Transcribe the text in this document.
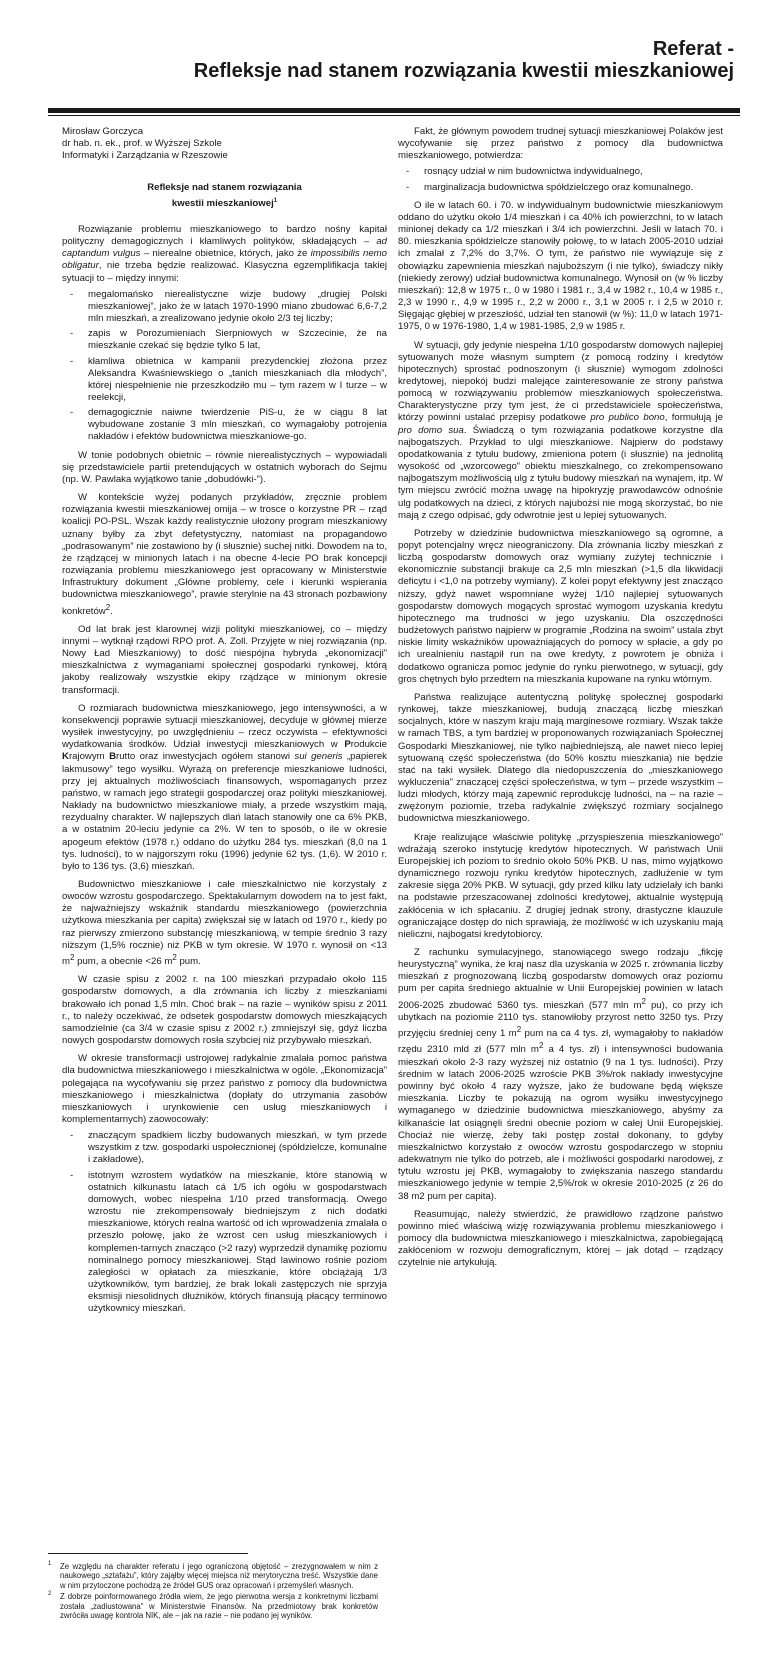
Referat -
Refleksje nad stanem rozwiązania kwestii mieszkaniowej
Mirosław Gorczyca
dr hab. n. ek., prof. w Wyższej Szkole
Informatyki i Zarządzania w Rzeszowie
Refleksje nad stanem rozwiązania
kwestii mieszkaniowej$^1$

Rozwiązanie problemu mieszkaniowego to bardzo nośny kapitał polityczny demagogicznych i kłamliwych polityków, składających – ad captandum vulgus – nierealne obietnice, których, jako że impossibilis nemo obligatur, nie trzeba będzie realizować. Klasyczna egzemplifikacja takiej sytuacji to – między innymi:

- megalomańsko nierealistyczne wizje budowy „drugiej Polski mieszkaniowej”, jako że w latach 1970-1990 miano zbudować 6,6-7,2 mln mieszkań, a zrealizowano jedynie około 2/3 tej liczby;
- zapis w Porozumieniach Sierpniowych w Szczecinie, że na mieszkanie czekać się będzie tylko 5 lat,
- kłamliwa obietnica w kampanii prezydenckiej złożona przez Aleksandra Kwaśniewskiego o „tanich mieszkaniach dla młodych”, której niespełnienie nie przeszkodziło mu – tym razem w I turze – w reelekcji,
- demagogicznie naiwne twierdzenie PiS-u, że w ciągu 8 lat wybudowane zostanie 3 mln mieszkań, co wymagałoby potrojenia nakładów i efektów budownictwa mieszkaniowe-go.

W tonie podobnych obietnic – równie nierealistycznych – wypowiadali się przedstawiciele partii pretendujących w ostatnich wyborach do Sejmu (np. W. Pawlaka wyjątkowo tanie „dobudówki-”).

W kontekście wyżej podanych przykładów, zręcznie problem rozwiązania kwestii mieszkaniowej omija – w trosce o korzystne PR – rząd koalicji PO-PSL. Wszak każdy realistycznie ułożony program mieszkaniowy uznany byłby za zbyt defetystyczny, natomiast na propagandowo „podrasowanym” nie zostawiono by (i słusznie) suchej nitki. Dowodem na to, że rządzącej w minionych latach i na obecne 4-lecie PO brak koncepcji rozwiązania problemu mieszkaniowego jest opracowany w Ministerstwie Infrastruktury dokument „Główne problemy, cele i kierunki wspierania budownictwa mieszkaniowego”, prawie sterylnie na 43 stronach pozbawiony konkretów$^2$.

Od lat brak jest klarownej wizji polityki mieszkaniowej, co – między innymi – wytknął rządowi RPO prof. A. Zoll. Przyjęte w niej rozwiązania (np. Nowy Ład Mieszkaniowy) to dość niespójna hybryda „ekonomizacji” mieszkalnictwa z wymaganiami społecznej gospodarki rynkowej, którą jakoby realizowały wszystkie ekipy rządzące w minionym okresie transformacji.

O rozmiarach budownictwa mieszkaniowego, jego intensywności, a w konsekwencji poprawie sytuacji mieszkaniowej, decyduje w głównej mierze wysiłek inwestycyjny, po uwzględnieniu – rzecz oczywista – efektywności wydatkowania środków. Udział inwestycji mieszkaniowych w Produkcie Krajowym Brutto oraz inwestycjach ogółem stanowi sui generis „papierek lakmusowy” tego wysiłku. Wyrażą on preferencje mieszkaniowe ludności, przy jej aktualnych możliwościach finansowych, wspomaganych przez państwo, w ramach jego strategii gospodarczej oraz polityki mieszkaniowej. Nakłady na budownictwo mieszkaniowe miały, a przede wszystkim mają, rezydualny charakter. W najlepszych dlań latach stanowiły one ca 6% PKB, a w ostatnim 20-leciu jedynie ca 2%. W ten to sposób, o ile w okresie apogeum efektów (1978 r.) oddano do użytku 284 tys. mieszkań (8,0 na 1 tys. ludności), to w najgorszym roku (1996) jedynie 62 tys. (1,6). W 2010 r. było to 136 tys. (3,6) mieszkań.

Budownictwo mieszkaniowe i całe mieszkalnictwo nie korzystały z owoców wzrostu gospodarczego. Spektakularnym dowodem na to jest fakt, że najważniejszy wskaźnik standardu mieszkaniowego (powierzchnia użytkowa mieszkania per capita) zwiększał się w latach od 1970 r., kiedy po raz pierwszy zmierzono substancję mieszkaniową, w tempie średnio 3 razy niższym (1,5% rocznie) niż PKB w tym okresie. W 1970 r. wynosił on <13 $m^2$ pum, a obecnie <26 $m^2$ pum.

W czasie spisu z 2002 r. na 100 mieszkań przypadało około 115 gospodarstw domowych, a dla zrównania ich liczby z mieszkaniami brakowało ich ponad 1,5 mln. Choć brak – na razie – wyników spisu z 2011 r., to należy oczekiwać, że odsetek gospodarstw domowych mieszkających samodzielnie (ca 3/4 w czasie spisu z 2002 r.) zmniejszył się, gdyż liczba nowych gospodarstw domowych rosła szybciej niż przybywało mieszkań.

W okresie transformacji ustrojowej radykalnie zmalała pomoc państwa dla budownictwa mieszkaniowego i mieszkalnictwa w ogóle. „Ekonomizacja” polegająca na wycofywaniu się przez państwo z pomocy dla budownictwa mieszkaniowego i mieszkalnictwa (dopłaty do utrzymania zasobów mieszkaniowych i urynkowienie cen usług mieszkaniowych i komplementarnych) zaowocowały:

- znaczącym spadkiem liczby budowanych mieszkań, w tym przede wszystkim z tzw. gospodarki uspołecznionej (spółdzielcze, komunalne i zakładowe),
- istotnym wzrostem wydatków na mieszkanie, które stanowią w ostatnich kilkunastu latach cá 1/5 ich ogółu w gospodarstwach domowych, wobec niespełna 1/10 przed transformacją. Owego wzrostu nie zrekompensowały biedniejszym z nich dodatki mieszkaniowe, których realna wartość od ich wprowadzenia zmalała o przeszło połowę, jako że wzrost cen usług mieszkaniowych i komplemen-tarnych znacząco (>2 razy) wyprzedził dynamikę poziomu nominalnego pomocy mieszkaniowej. Stąd lawinowo rośnie poziom zaległości w opłatach za mieszkanie, które obciążają 1/3 użytkowników, tym bardziej, że brak lokali zastępczych nie sprzyja eksmisji niesolidnych dłużników, których finansują płacący terminowo użytkownicy mieszkań.

Fakt, że głównym powodem trudnej sytuacji mieszkaniowej Polaków jest wycofywanie się przez państwo z pomocy dla budownictwa mieszkaniowego, potwierdza:

- rosnący udział w nim budownictwa indywidualnego,
- marginalizacja budownictwa spółdzielczego oraz komunalnego.

O ile w latach 60. i 70. w indywidualnym budownictwie mieszkaniowym oddano do użytku około 1/4 mieszkań i ca 40% ich powierzchni, to w latach minionej dekady ca 1/2 mieszkań i 3/4 ich powierzchni. Jeśli w latach 70. i 80. mieszkania spółdzielcze stanowiły połowę, to w latach 2005-2010 udział ich zmalał z 7,2% do 3,7%. O tym, że państwo nie wywiązuje się z obowiązku zapewnienia mieszkań najuboższym (i nie tylko), świadczy nikły (niekiedy zerowy) udział budownictwa komunalnego. Wynosił on (w % liczby mieszkań): 12,8 w 1975 r., 0 w 1980 i 1981 r., 3,4 w 1982 r., 10,4 w 1985 r., 2,3 w 1990 r., 4,9 w 1995 r., 2,2 w 2000 r., 3,1 w 2005 r. i 2,5 w 2010 r. Sięgając głębiej w przeszłość, udział ten stanowił (w %): 11,0 w latach 1971-1975, 0 w 1976-1980, 1,4 w 1981-1985, 2,9 w 1985 r.

W sytuacji, gdy jedynie niespełna 1/10 gospodarstw domowych najlepiej sytuowanych może własnym sumptem (z pomocą rodziny i kredytów hipotecznych) sprostać podnoszonym (i słusznie) wymogom zdolności kredytowej, niepokój budzi malejące zainteresowanie ze strony państwa pomocą w rozwiązywaniu problemów mieszkaniowych społeczeństwa. Charakterystyczne przy tym jest, że ci przedstawiciele społeczeństwa, którzy powinni ustalać przepisy podatkowe pro publico bono, formułują je pro domo sua. Świadczą o tym rozwiązania podatkowe korzystne dla najbogatszych. Przykład to ulgi mieszkaniowe. Najpierw do podstawy opodatkowania z tytułu budowy, zmieniona potem (i słusznie) na jednolitą wysokość od „wzorcowego” obiektu mieszkalnego, co zrekompensowano najbogatszym możliwością ulg z tytułu budowy mieszkań na wynajem, itp. W tym miejscu zwrócić można uwagę na hipokryzję prawodawców odnośnie ulg podatkowych na dzieci, z których najubożsi nie mogą skorzystać, bo nie mają z czego odpisać, gdy odwrotnie jest u lepiej sytuowanych.

Potrzeby w dziedzinie budownictwa mieszkaniowego są ogromne, a popyt potencjalny wręcz nieograniczony. Dla zrównania liczby mieszkań z liczbą gospodarstw domowych oraz wymiany zużytej technicznie i ekonomicznie substancji brakuje ca 2,5 mln mieszkań (>1,5 dla likwidacji deficytu i <1,0 na potrzeby wymiany). Z kolei popyt efektywny jest znacząco niższy, gdyż nawet wspomniane wyżej 1/10 najlepiej sytuowanych gospodarstw domowych mogących sprostać wymogom uzyskania kredytu hipotecznego ma trudności w jego uzyskaniu. Dla oszczędności budżetowych państwo najpierw w programie „Rodzina na swoim” ustala zbyt niskie limity wskaźników upoważniających do pomocy w spłacie, a gdy po ich urealnieniu nastąpił run na owe kredyty, z powrotem je obniża i dodatkowo ogranicza pomoc jedynie do rynku pierwotnego, w sytuacji, gdy gros chętnych było przedtem na mieszkania kupowane na rynku wtórnym.

Państwa realizujące autentyczną politykę społecznej gospodarki rynkowej, także mieszkaniowej, budują znaczącą liczbę mieszkań socjalnych, które w naszym kraju mają marginesowe rozmiary. Wszak także w ramach TBS, a tym bardziej w proponowanych rozwiązaniach Społecznej Gospodarki Mieszkaniowej, nie tylko najbiedniejszą, ale nawet nieco lepiej sytuowaną część społeczeństwa (do 50% kosztu mieszkania) nie będzie stać na taki wysiłek. Dlatego dla niedopuszczenia do „mieszkaniowego wykluczenia” znaczącej części społeczeństwa, w tym – przede wszystkim – ludzi młodych, którzy mają zapewnić reprodukcję ludności, na – na razie – zwężonym poziomie, trzeba radykalnie zwiększyć rozmiary socjalnego budownictwa mieszkaniowego.

Kraje realizujące właściwie politykę „przyspieszenia mieszkaniowego” wdrażają szeroko instytucję kredytów hipotecznych. W państwach Unii Europejskiej ich poziom to średnio około 50% PKB. U nas, mimo wyjątkowo dynamicznego rozwoju rynku kredytów hipotecznych, zadłużenie w tym zakresie sięga 20% PKB. W sytuacji, gdy przed kilku laty udzielały ich banki na podstawie przeszacowanej zdolności kredytowej, aktualnie występują zakłócenia w ich spłacaniu. Z drugiej jednak strony, drastyczne klauzule ograniczające dostęp do nich sprawiają, że możliwość w ich uzyskaniu mają nieliczni, najbogatsi kredytobiorcy.

Z rachunku symulacyjnego, stanowiącego swego rodzaju „fikcję heurystyczną” wynika, że kraj nasz dla uzyskania w 2025 r. zrównania liczby mieszkań z prognozowaną liczbą gospodarstw domowych oraz poziomu pum per capita średniego aktualnie w Unii Europejskiej powinien w latach 2006-2025 zbudować 5360 tys. mieszkań (577 mln $m^2$ pu), co przy ich ubytkach na poziomie 2110 tys. stanowiłoby przyrost netto 3250 tys. Przy przyjęciu średniej ceny 1 $m^2$ pum na ca 4 tys. zł, wymagałoby to nakładów rzędu 2310 mld zł (577 mln $m^2$ a 4 tys. zł) i intensywności budowania mieszkań około 2-3 razy wyższej niż ostatnio (9 na 1 tys. ludności). Przy średnim w latach 2006-2025 wzroście PKB 3%/rok nakłady inwestycyjne powinny być około 4 razy wyższe, jako że budowane będą większe mieszkania. Liczby te pokazują na ogrom wysiłku inwestycyjnego wymaganego w dziedzinie budownictwa mieszkaniowego, abyśmy za kilkanaście lat osiągnęli średni obecnie poziom w całej Unii Europejskiej. Chociaż nie wierzę, żeby taki postęp został dokonany, to gdyby mieszkalnictwo korzystało z owoców wzrostu gospodarczego w stopniu adekwatnym nie tylko do potrzeb, ale i możliwości gospodarki narodowej, z tytułu wzrostu jej PKB, wymagałoby to zwiększania naszego standardu mieszkaniowego jedynie w tempie 2,5%/rok w okresie 2010-2025 (z 26 do 38 m2 pum per capita).

Reasumując, należy stwierdzić, że prawidłowo rządzone państwo powinno mieć właściwą wizję rozwiązywania problemu mieszkaniowego i pomocy dla budownictwa mieszkaniowego i mieszkalnictwa, zapobiegającą zakłóceniom w rozwoju demograficznym, której – jak dotąd – rządzący czytelnie nie artykułują.

1 Ze względu na charakter referatu i jego ograniczoną objętość – zrezygnowałem w nim z naukowego „sztafażu”, który zająłby więcej miejsca niż merytoryczna treść. Wszystkie dane w nim przytoczone pochodzą ze źródeł GUS oraz opracowań i przemyśleń własnych.
2 Z dobrze poinformowanego źródła wiem, że jego pierwotna wersja z konkretnymi liczbami została „zadiustowana” w Ministerstwie Finansów. Na przedmiotowy brak konkretów zwróciła uwagę kontrola NIK, ale – jak na razie – nie podano jej wyników.
